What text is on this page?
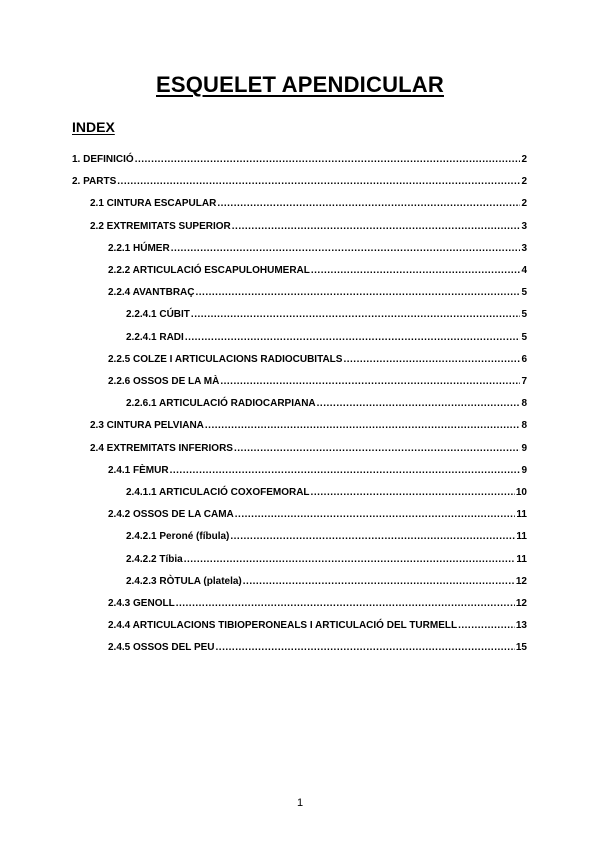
ESQUELET APENDICULAR
INDEX
1. DEFINICIÓ .....	2
2. PARTS .....	2
2.1 CINTURA ESCAPULAR .....	2
2.2 EXTREMITATS SUPERIOR .....	3
2.2.1 HÚMER .....	3
2.2.2 ARTICULACIÓ ESCAPULOHUMERAL .....	4
2.2.4 AVANTBRAÇ .....	5
2.2.4.1 CÚBIT .....	5
2.2.4.1 RADI .....	5
2.2.5 COLZE I ARTICULACIONS RADIOCUBITALS .....	6
2.2.6 OSSOS DE LA MÀ .....	7
2.2.6.1 ARTICULACIÓ RADIOCARPIANA .....	8
2.3 CINTURA PELVIANA .....	8
2.4 EXTREMITATS INFERIORS .....	9
2.4.1 FÈMUR .....	9
2.4.1.1 ARTICULACIÓ COXOFEMORAL .....	10
2.4.2 OSSOS DE LA CAMA .....	11
2.4.2.1 Peroné (fíbula) .....	11
2.4.2.2 Tíbia .....	11
2.4.2.3 RÒTULA (platela) .....	12
2.4.3 GENOLL .....	12
2.4.4 ARTICULACIONS TIBIOPERONEALS I ARTICULACIÓ DEL TURMELL .....	13
2.4.5 OSSOS DEL PEU .....	15
1
